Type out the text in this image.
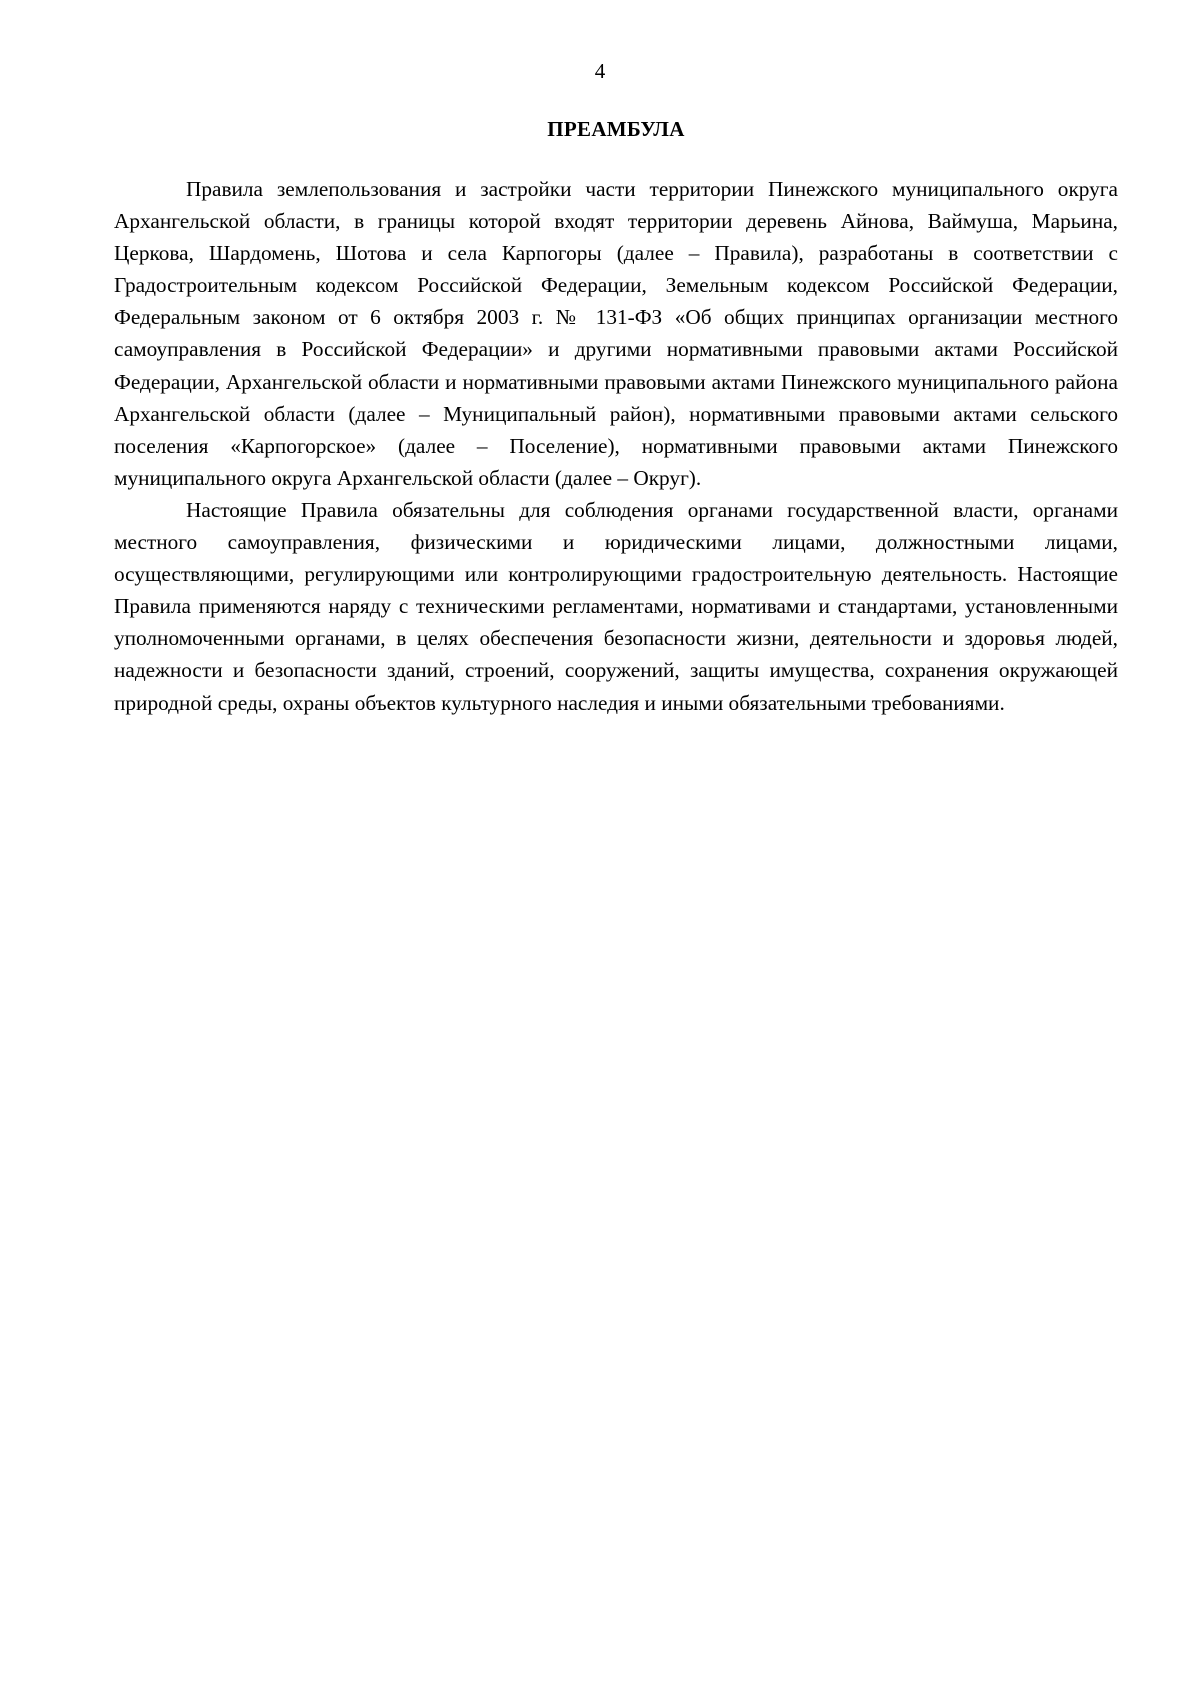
4
ПРЕАМБУЛА

Правила землепользования и застройки части территории Пинежского муниципального округа Архангельской области, в границы которой входят территории деревень Айнова, Ваймуша, Марьина, Церкова, Шардомень, Шотова и села Карпогоры (далее – Правила), разработаны в соответствии с Градостроительным кодексом Российской Федерации, Земельным кодексом Российской Федерации, Федеральным законом от 6 октября 2003 г. № 131-ФЗ «Об общих принципах организации местного самоуправления в Российской Федерации» и другими нормативными правовыми актами Российской Федерации, Архангельской области и нормативными правовыми актами Пинежского муниципального района Архангельской области (далее – Муниципальный район), нормативными правовыми актами сельского поселения «Карпогорское» (далее – Поселение), нормативными правовыми актами Пинежского муниципального округа Архангельской области (далее – Округ).

Настоящие Правила обязательны для соблюдения органами государственной власти, органами местного самоуправления, физическими и юридическими лицами, должностными лицами, осуществляющими, регулирующими или контролирующими градостроительную деятельность. Настоящие Правила применяются наряду с техническими регламентами, нормативами и стандартами, установленными уполномоченными органами, в целях обеспечения безопасности жизни, деятельности и здоровья людей, надежности и безопасности зданий, строений, сооружений, защиты имущества, сохранения окружающей природной среды, охраны объектов культурного наследия и иными обязательными требованиями.
